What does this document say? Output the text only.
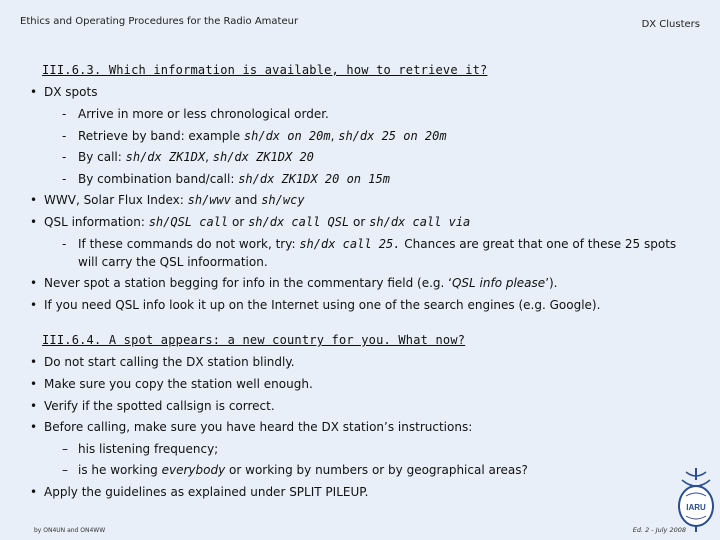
Ethics and Operating Procedures for the Radio Amateur	DX Clusters
III.6.3. Which information is available, how to retrieve it?
• DX spots
- Arrive in more or less chronological order.
- Retrieve by band: example sh/dx on 20m, sh/dx 25 on 20m
- By call: sh/dx ZK1DX, sh/dx ZK1DX 20
- By combination band/call: sh/dx ZK1DX 20 on 15m
• WWV, Solar Flux Index: sh/wwv and sh/wcy
• QSL information: sh/QSL call or sh/dx call QSL or sh/dx call via
- If these commands do not work, try: sh/dx call 25. Chances are great that one of these 25 spots
will carry the QSL infoormation.
• Never spot a station begging for info in the commentary field (e.g. ‘QSL info please’).
• If you need QSL info look it up on the Internet using one of the search engines (e.g. Google).
III.6.4. A spot appears: a new country for you. What now?
• Do not start calling the DX station blindly.
• Make sure you copy the station well enough.
• Verify if the spotted callsign is correct.
• Before calling, make sure you have heard the DX station’s instructions:
– his listening frequency;
– is he working everybody or working by numbers or by geographical areas?
• Apply the guidelines as explained under SPLIT PILEUP.
by ON4UN and ON4WW	Ed. 2 - July 2008
IARU
